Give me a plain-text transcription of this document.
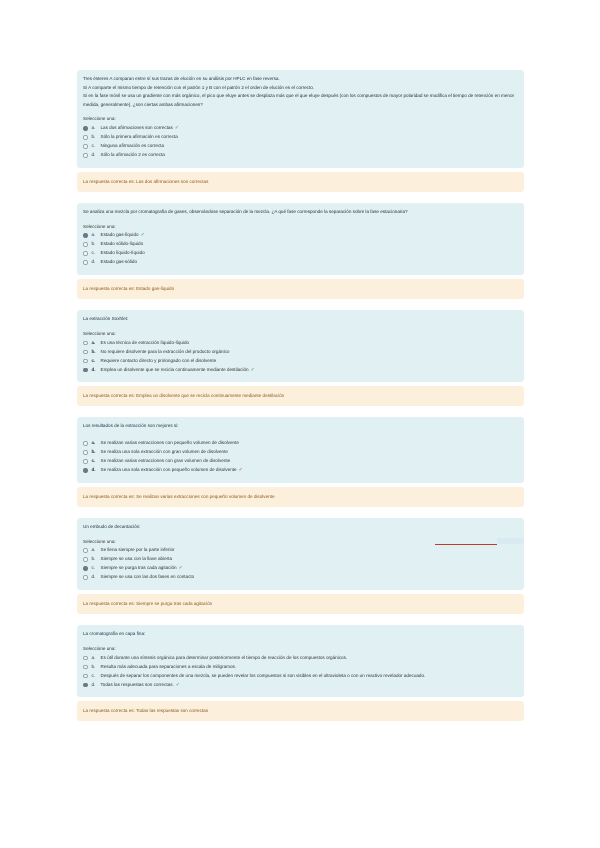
Tres ésteres A comparan entre sí sus trazas de elución en su análisis por HPLC en fase reversa.

Si A comparte el mismo tiempo de retención con el patrón 1 y B con el patrón 2 el orden de elución es el correcto.

Si en la fase móvil se usa un gradiente con más orgánico, el pico que eluye antes se desplaza más que el que eluye después (con los compuestos de mayor polaridad se modifica el tiempo de retención en menor medida, generalmente), ¿son ciertas ambas afirmaciones?

Seleccione una:
a.	Las dos afirmaciones son correctas ✓
b.	Sólo la primera afirmación es correcta
c.	Ninguna afirmación es correcta
d.	Sólo la afirmación 2 es correcta
La respuesta correcta es: Las dos afirmaciones son correctas

Se analiza una mezcla por cromatografía de gases, observándose separación de la mezcla. ¿A qué fase corresponde la separación sobre la fase estacionaria?

Seleccione una:
a.	Estado gas-líquido ✓
b.	Estado sólido-líquido
c.	Estado líquido-líquido
d.	Estado gas-sólido
La respuesta correcta es: Estado gas-líquido

La extracción Soxhlet:

Seleccione una:
a.	Es una técnica de extracción líquido-líquido
b.	No requiere disolvente para la extracción del producto orgánico
c.	Requiere contacto directo y prolongado con el disolvente
d.	Emplea un disolvente que se recicla continuamente mediante destilación ✓
La respuesta correcta es: Emplea un disolvente que se recicla continuamente mediante destilación

Los resultados de la extracción son mejores si:

a.	Se realizan varias extracciones con pequeño volumen de disolvente
b.	Se realiza una sola extracción con gran volumen de disolvente
c.	Se realizan varias extracciones con gran volumen de disolvente
d.	Se realiza una sola extracción con pequeño volumen de disolvente ✓
La respuesta correcta es: Se realizan varias extracciones con pequeño volumen de disolvente

Un embudo de decantación:

Seleccione una:
a.	Se llena siempre por la parte inferior
b.	Siempre se usa con la llave abierta
c.	Siempre se purga tras cada agitación ✓
d.	Siempre se usa con las dos fases en contacto
La respuesta correcta es: Siempre se purga tras cada agitación

La cromatografía en capa fina:

Seleccione una:
a.	Es útil durante una síntesis orgánica para determinar posteriormente el tiempo de reacción de los compuestos orgánicos.
b.	Resulta más adecuada para separaciones a escala de miligramos.
c.	Después de separar los componentes de una mezcla, se pueden revelar los compuestos si son visibles en el ultravioleta o con un reactivo revelador adecuado.
d.	Todas las respuestas son correctas. ✓
La respuesta correcta es: Todas las respuestas son correctas
